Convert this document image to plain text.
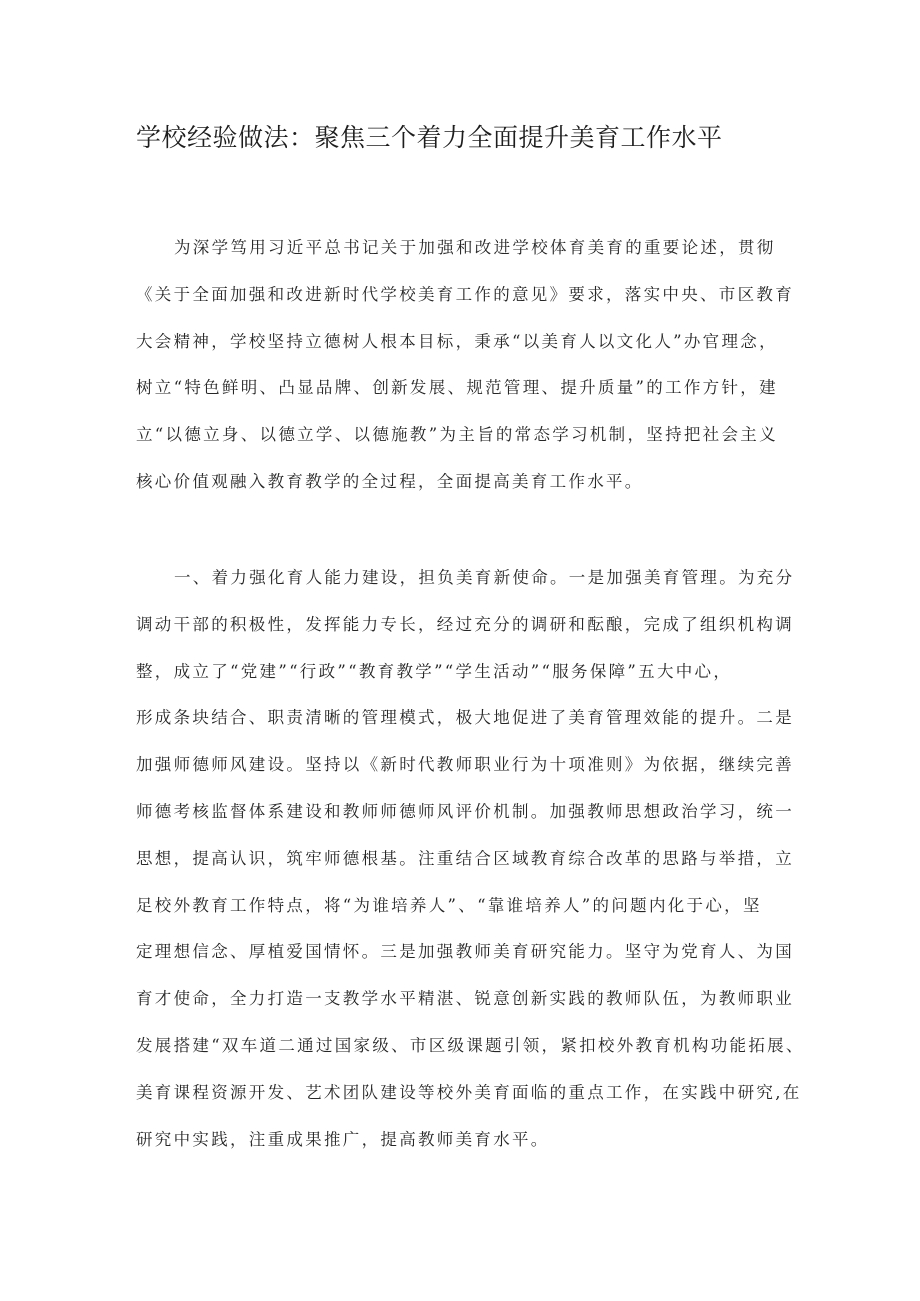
学校经验做法：聚焦三个着力全面提升美育工作水平
为深学笃用习近平总书记关于加强和改进学校体育美育的重要论述，贯彻
《关于全面加强和改进新时代学校美育工作的意见》要求，落实中央、市区教育
大会精神，学校坚持立德树人根本目标，秉承“以美育人以文化人”办官理念，
树立“特色鲜明、凸显品牌、创新发展、规范管理、提升质量”的工作方针，建
立“以德立身、以德立学、以德施教”为主旨的常态学习机制，坚持把社会主义
核心价值观融入教育教学的全过程，全面提高美育工作水平。
一、着力强化育人能力建设，担负美育新使命。一是加强美育管理。为充分
调动干部的积极性，发挥能力专长，经过充分的调研和酝酿，完成了组织机构调
整，成立了“党建”“行政”“教育教学”“学生活动”“服务保障”五大中心，
形成条块结合、职责清晰的管理模式，极大地促进了美育管理效能的提升。二是
加强师德师风建设。坚持以《新时代教师职业行为十项准则》为依据，继续完善
师德考核监督体系建设和教师师德师风评价机制。加强教师思想政治学习，统一
思想，提高认识，筑牢师德根基。注重结合区域教育综合改革的思路与举措，立
足校外教育工作特点，将“为谁培养人”、“靠谁培养人”的问题内化于心，坚
定理想信念、厚植爱国情怀。三是加强教师美育研究能力。坚守为党育人、为国
育才使命，全力打造一支教学水平精湛、锐意创新实践的教师队伍，为教师职业
发展搭建“双车道二通过国家级、市区级课题引领，紧扣校外教育机构功能拓展、
美育课程资源开发、艺术团队建设等校外美育面临的重点工作，在实践中研究,在
研究中实践，注重成果推广，提高教师美育水平。
